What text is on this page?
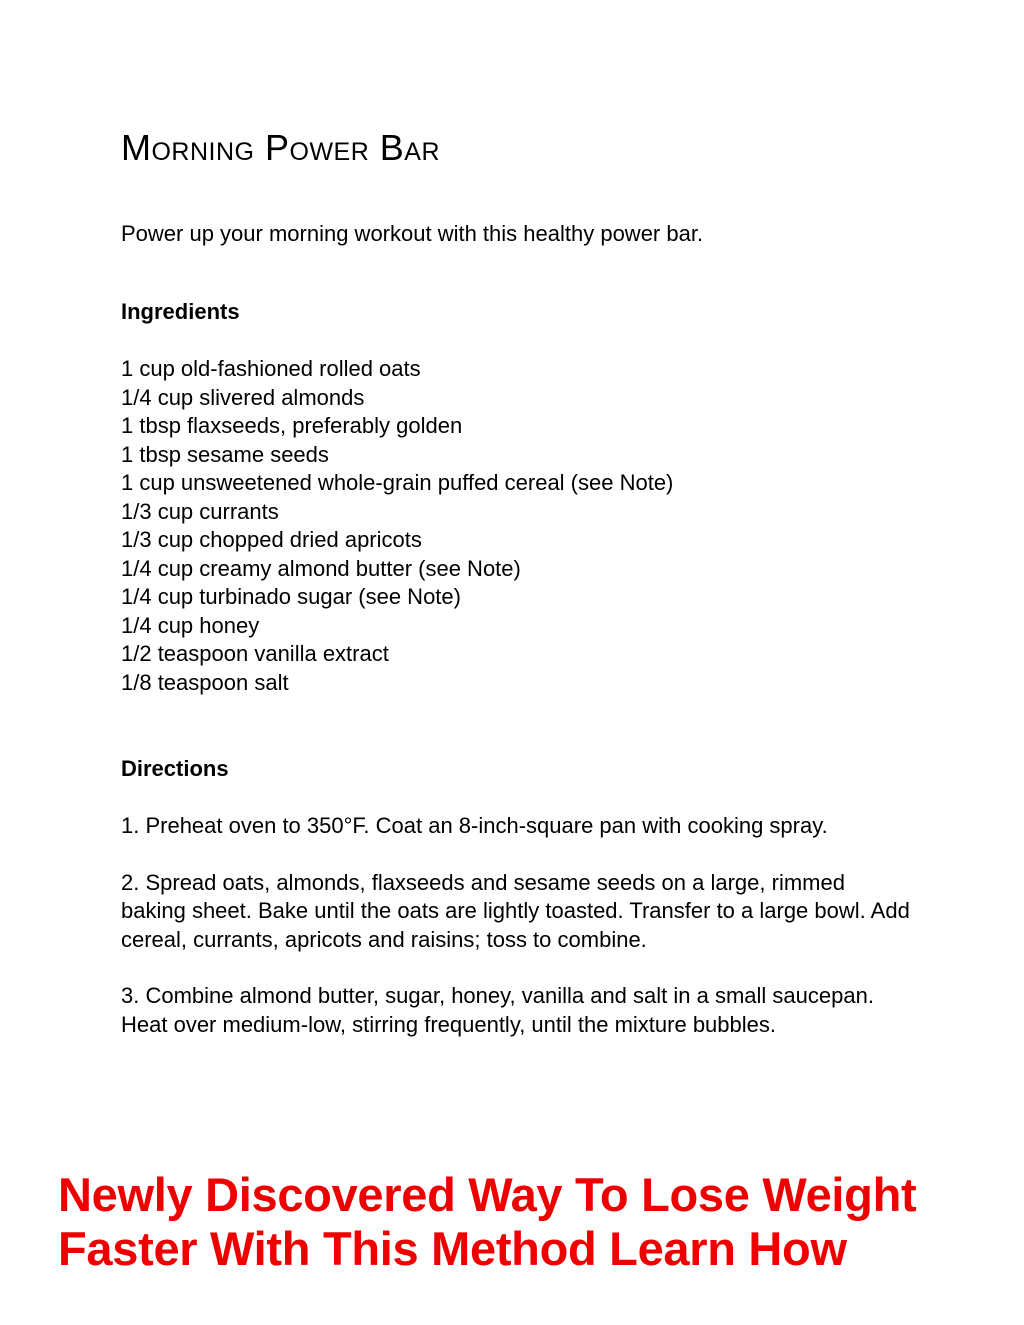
Morning Power Bar

Power up your morning workout with this healthy power bar.

Ingredients
1 cup old-fashioned rolled oats
1/4 cup slivered almonds
1 tbsp flaxseeds, preferably golden
1 tbsp sesame seeds
1 cup unsweetened whole-grain puffed cereal (see Note)
1/3 cup currants
1/3 cup chopped dried apricots
1/4 cup creamy almond butter (see Note)
1/4 cup turbinado sugar (see Note)
1/4 cup honey
1/2 teaspoon vanilla extract
1/8 teaspoon salt
Directions
1. Preheat oven to 350°F. Coat an 8-inch-square pan with cooking spray.
2. Spread oats, almonds, flaxseeds and sesame seeds on a large, rimmed baking sheet. Bake until the oats are lightly toasted. Transfer to a large bowl. Add cereal, currants, apricots and raisins; toss to combine.
3. Combine almond butter, sugar, honey, vanilla and salt in a small saucepan. Heat over medium-low, stirring frequently, until the mixture bubbles.

Newly Discovered Way To Lose Weight Faster With This Method Learn How
